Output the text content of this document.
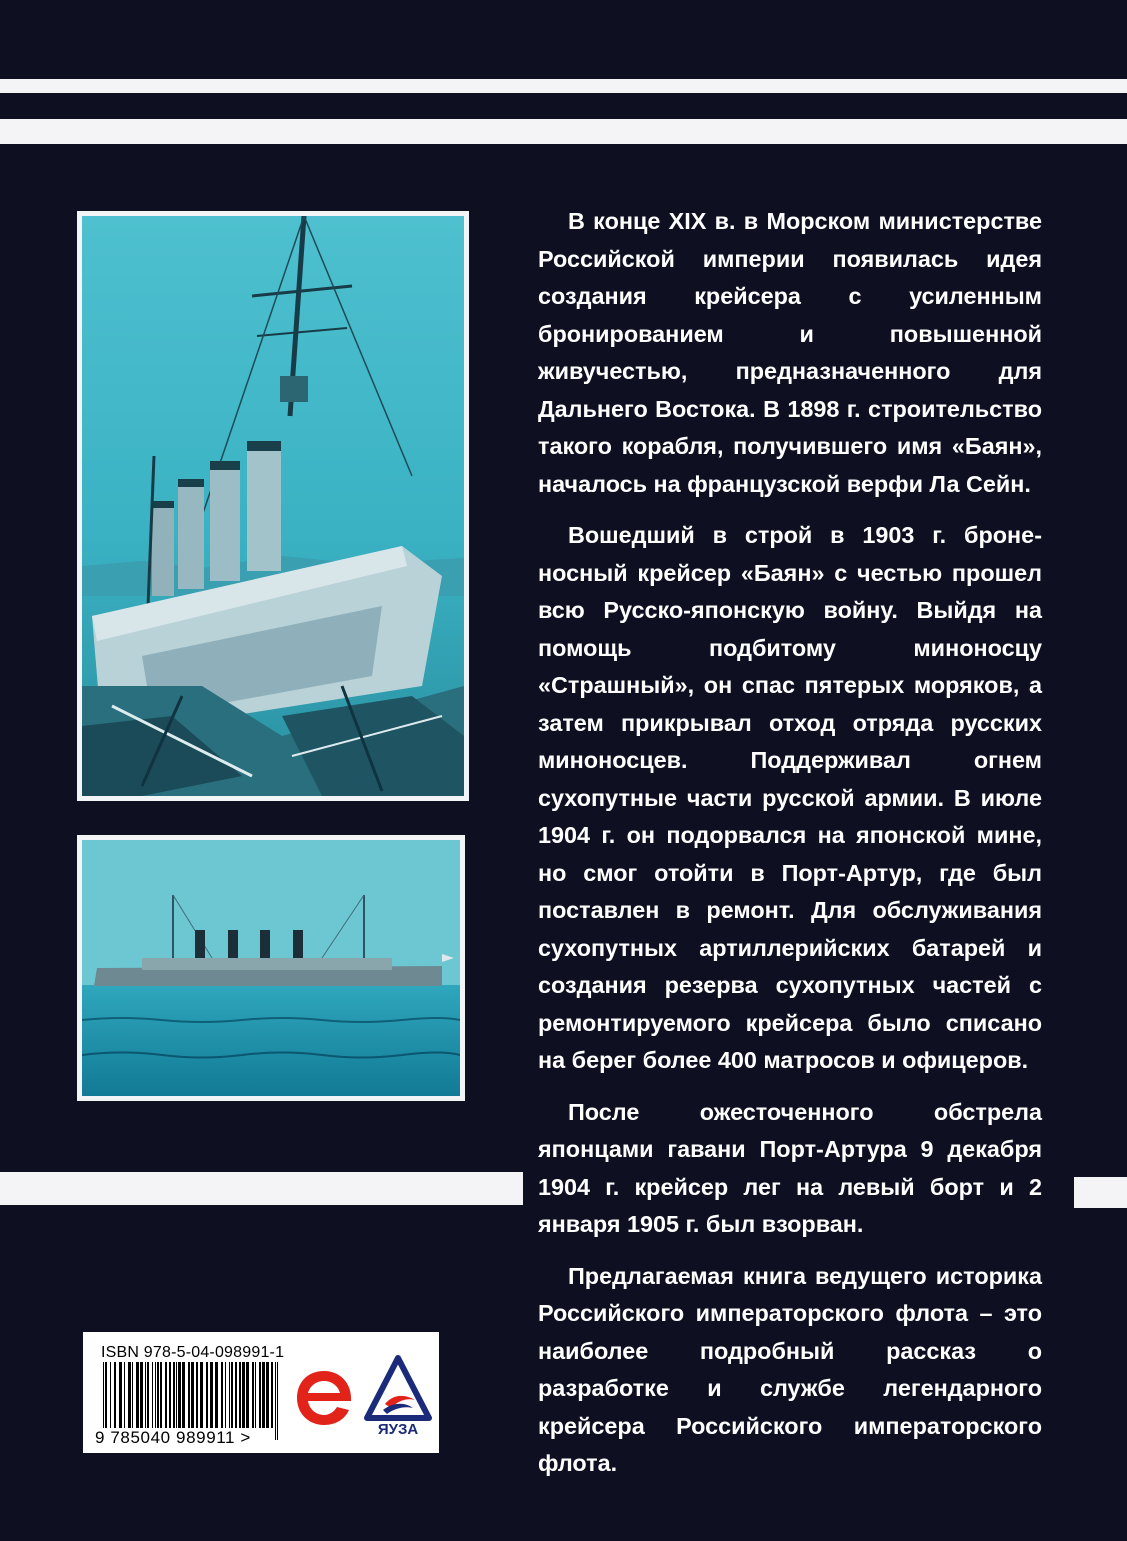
В конце XIX в. в Морском министерстве Российской империи появилась идея создания крейсера с усиленным бронированием и повышенной живучестью, предназначенного для Дальнего Востока. В 1898 г. строительство такого корабля, получившего имя «Баян», началось на французской верфи Ла Сейн.

Вошедший в строй в 1903 г. броненосный крейсер «Баян» с честью прошел всю Русско-японскую войну. Выйдя на помощь подбитому миноносцу «Страшный», он спас пятерых моряков, а затем прикрывал отход отряда русских миноносцев. Поддерживал огнем сухопутные части русской армии. В июле 1904 г. он подорвался на японской мине, но смог отойти в Порт-Артур, где был поставлен в ремонт. Для обслуживания сухопутных артиллерийских батарей и создания резерва сухопутных частей с ремонтируемого крейсера было списано на берег более 400 матросов и офицеров.

После ожесточенного обстрела японцами гавани Порт-Артура 9 декабря 1904 г. крейсер лег на левый борт и 2 января 1905 г. был взорван.

Предлагаемая книга ведущего историка Российского императорского флота – это наиболее подробный рассказ о разработке и службе легендарного крейсера Российского императорского флота.

ISBN 978-5-04-098991-1
9 785040 989911 >	ЯУЗА
